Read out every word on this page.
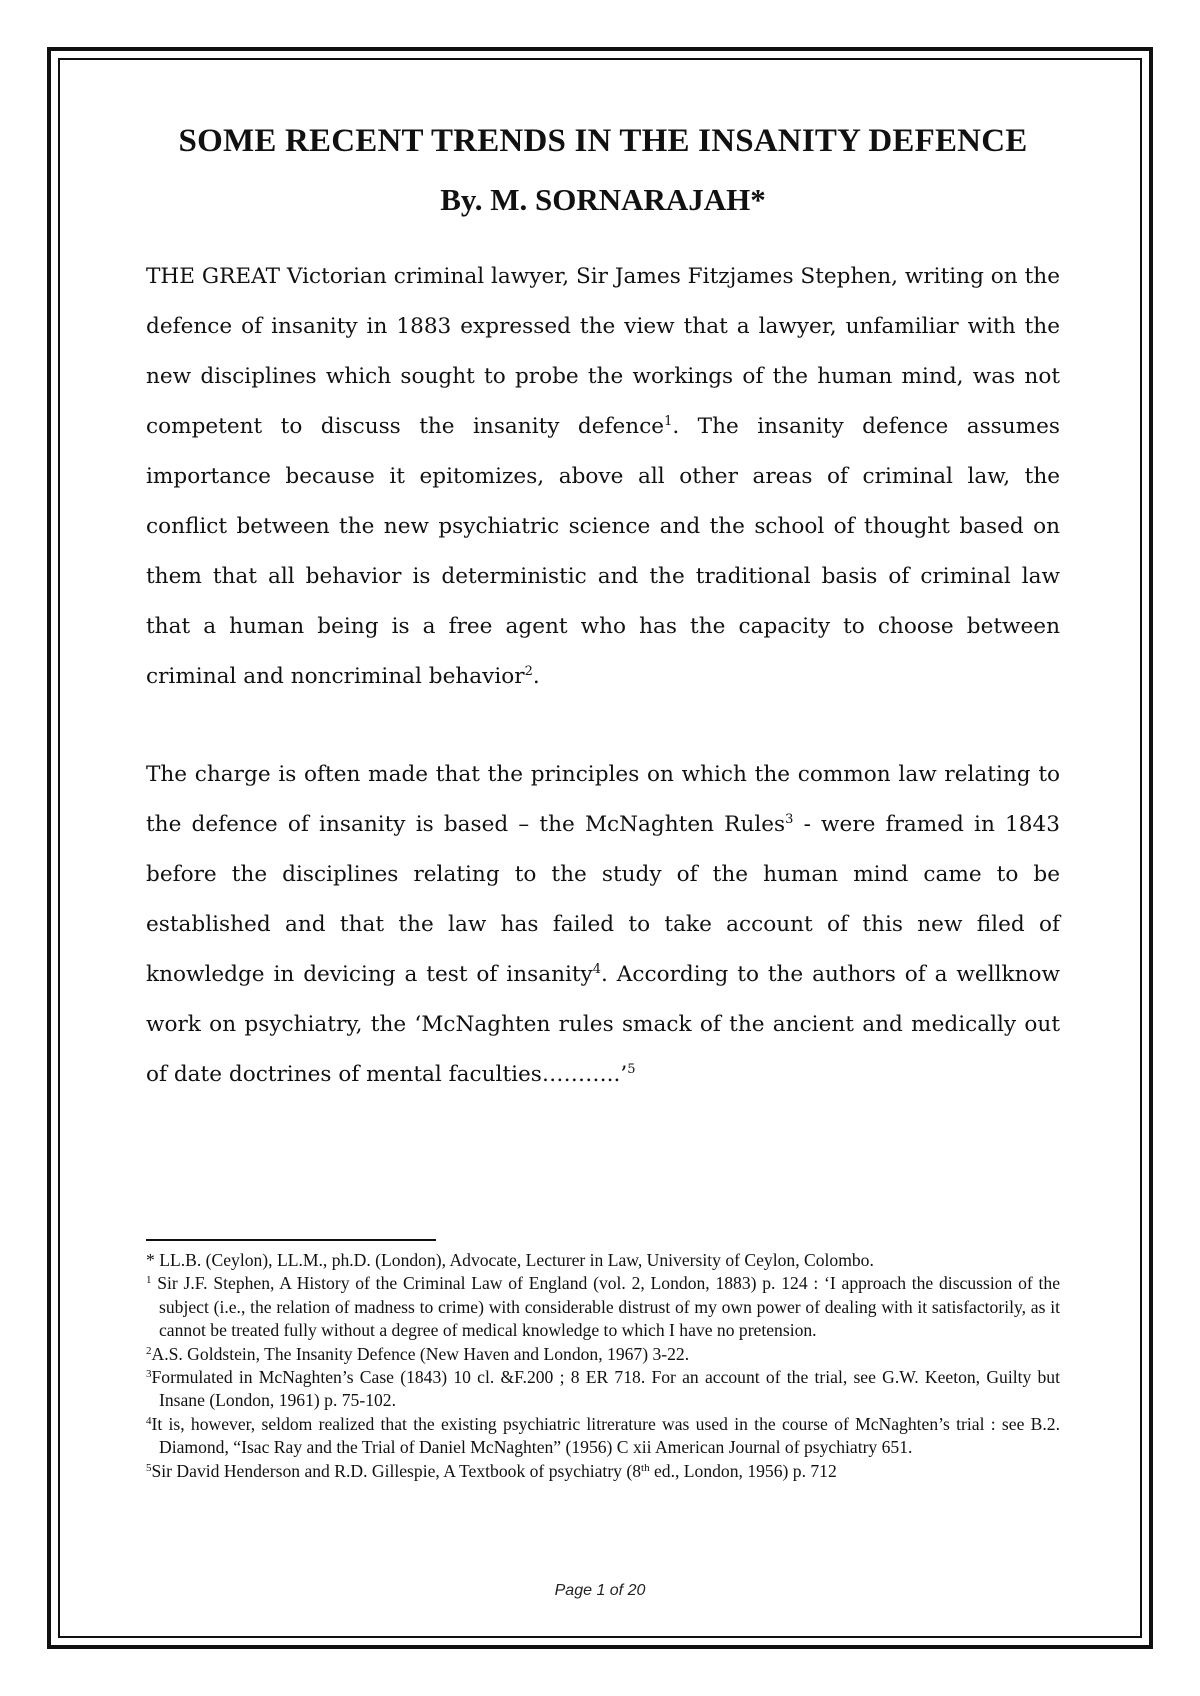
SOME RECENT TRENDS IN THE INSANITY DEFENCE
By. M. SORNARAJAH*

THE GREAT Victorian criminal lawyer, Sir James Fitzjames Stephen, writing on the defence of insanity in 1883 expressed the view that a lawyer, unfamiliar with the new disciplines which sought to probe the workings of the human mind, was not competent to discuss the insanity defence$^1$. The insanity defence assumes importance because it epitomizes, above all other areas of criminal law, the conflict between the new psychiatric science and the school of thought based on them that all behavior is deterministic and the traditional basis of criminal law that a human being is a free agent who has the capacity to choose between criminal and noncriminal behavior$^2$.

The charge is often made that the principles on which the common law relating to the defence of insanity is based – the McNaghten Rules$^3$ - were framed in 1843 before the disciplines relating to the study of the human mind came to be established and that the law has failed to take account of this new filed of knowledge in devicing a test of insanity$^4$. According to the authors of a wellknow work on psychiatry, the ‘McNaghten rules smack of the ancient and medically out of date doctrines of mental faculties………..’$^5$

* LL.B. (Ceylon), LL.M., ph.D. (London), Advocate, Lecturer in Law, University of Ceylon, Colombo.

$^1$ Sir J.F. Stephen, A History of the Criminal Law of England (vol. 2, London, 1883) p. 124 : ‘I approach the discussion of the subject (i.e., the relation of madness to crime) with considerable distrust of my own power of dealing with it satisfactorily, as it cannot be treated fully without a degree of medical knowledge to which I have no pretension.

$^2$A.S. Goldstein, The Insanity Defence (New Haven and London, 1967) 3-22.

$^3$Formulated in McNaghten’s Case (1843) 10 cl. &F.200 ; 8 ER 718. For an account of the trial, see G.W. Keeton, Guilty but Insane (London, 1961) p. 75-102.

$^4$It is, however, seldom realized that the existing psychiatric litrerature was used in the course of McNaghten’s trial : see B.2. Diamond, “Isac Ray and the Trial of Daniel McNaghten” (1956) C xii American Journal of psychiatry 651.

$^5$Sir David Henderson and R.D. Gillespie, A Textbook of psychiatry (8th ed., London, 1956) p. 712

Page 1 of 20
